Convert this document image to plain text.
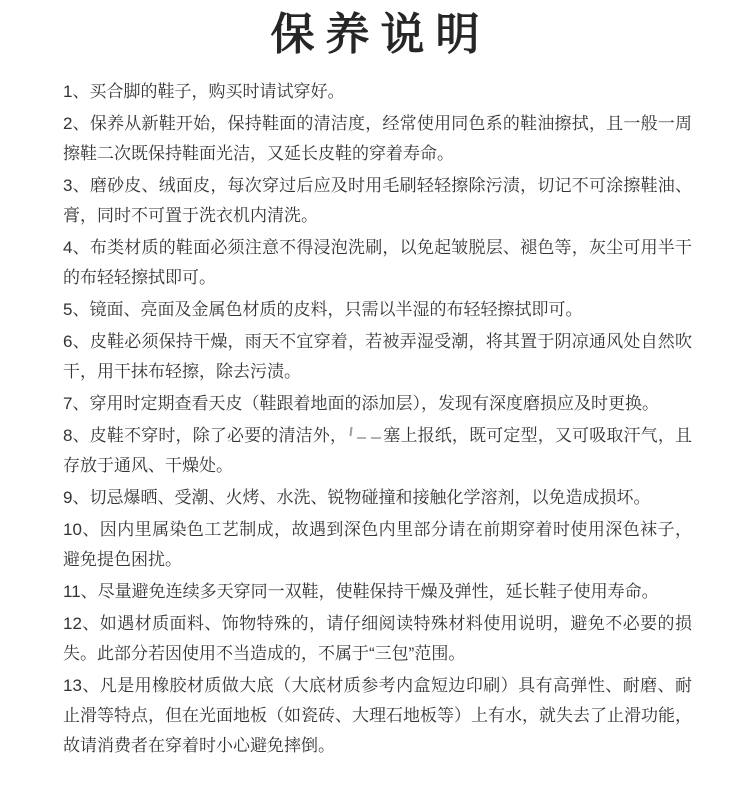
保养说明

1、买合脚的鞋子，购买时请试穿好。

2、保养从新鞋开始，保持鞋面的清洁度，经常使用同色系的鞋油擦拭，且一般一周擦鞋二次既保持鞋面光洁，又延长皮鞋的穿着寿命。

3、磨砂皮、绒面皮，每次穿过后应及时用毛刷轻轻擦除污渍，切记不可涂擦鞋油、膏，同时不可置于洗衣机内清洗。

4、布类材质的鞋面必须注意不得浸泡洗刷，以免起皱脱层、褪色等，灰尘可用半干的布轻轻擦拭即可。

5、镜面、亮面及金属色材质的皮料，只需以半湿的布轻轻擦拭即可。

6、皮鞋必须保持干燥，雨天不宜穿着，若被弄湿受潮，将其置于阴凉通风处自然吹干，用干抹布轻擦，除去污渍。

7、穿用时定期查看天皮（鞋跟着地面的添加层），发现有深度磨损应及时更换。

8、皮鞋不穿时，除了必要的清洁外， 塞上报纸，既可定型，又可吸取汗气，且存放于通风、干燥处。

9、切忌爆晒、受潮、火烤、水洗、锐物碰撞和接触化学溶剂，以免造成损坏。

10、因内里属染色工艺制成，故遇到深色内里部分请在前期穿着时使用深色袜子，避免提色困扰。

11、尽量避免连续多天穿同一双鞋，使鞋保持干燥及弹性，延长鞋子使用寿命。

12、如遇材质面料、饰物特殊的，请仔细阅读特殊材料使用说明，避免不必要的损失。此部分若因使用不当造成的，不属于“三包”范围。

13、凡是用橡胶材质做大底（大底材质参考内盒短边印刷）具有高弹性、耐磨、耐止滑等特点，但在光面地板（如瓷砖、大理石地板等）上有水，就失去了止滑功能，故请消费者在穿着时小心避免摔倒。
